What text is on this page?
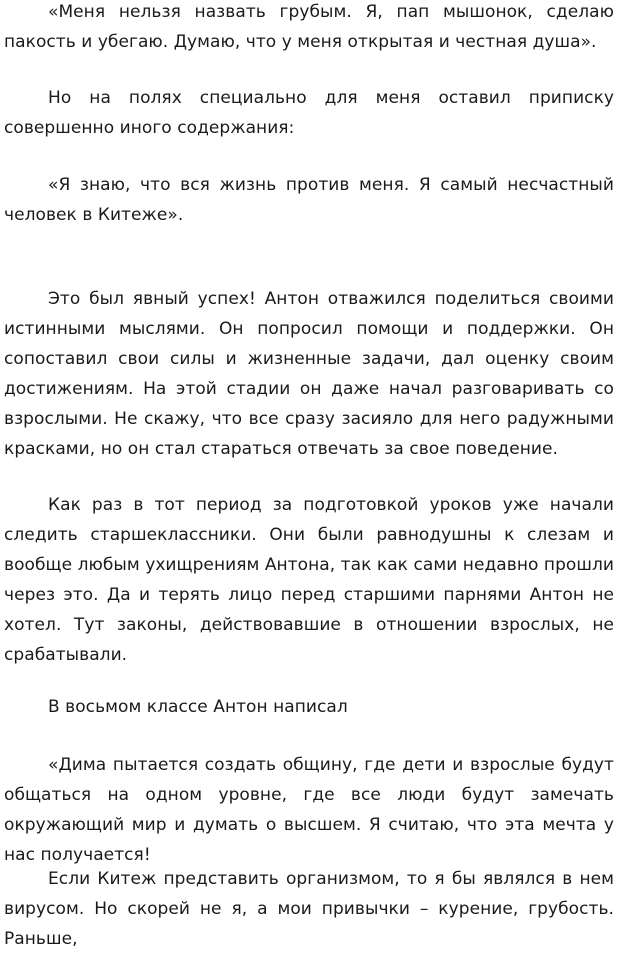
«Меня нельзя назвать грубым. Я, пап мышонок, сделаю пакость и убегаю. Думаю, что у меня открытая и честная душа».

Но на полях специально для меня оставил приписку совершенно иного содержания:

«Я знаю, что вся жизнь против меня. Я самый несчастный человек в Китеже».

Это был явный успех! Антон отважился поделиться своими истинными мыслями. Он попросил помощи и поддержки. Он сопоставил свои силы и жизненные задачи, дал оценку своим достижениям. На этой стадии он даже начал разговаривать со взрослыми. Не скажу, что все сразу засияло для него радужными красками, но он стал стараться отвечать за свое поведение.

Как раз в тот период за подготовкой уроков уже начали следить старшеклассники. Они были равнодушны к слезам и вообще любым ухищрениям Антона, так как сами недавно прошли через это. Да и терять лицо перед старшими парнями Антон не хотел. Тут законы, действовавшие в отношении взрослых, не срабатывали.

В восьмом классе Антон написал

«Дима пытается создать общину, где дети и взрослые будут общаться на одном уровне, где все люди будут замечать окружающий мир и думать о высшем. Я считаю, что эта мечта у нас получается!

Если Китеж представить организмом, то я бы являлся в нем вирусом. Но скорей не я, а мои привычки – курение, грубость. Раньше,
